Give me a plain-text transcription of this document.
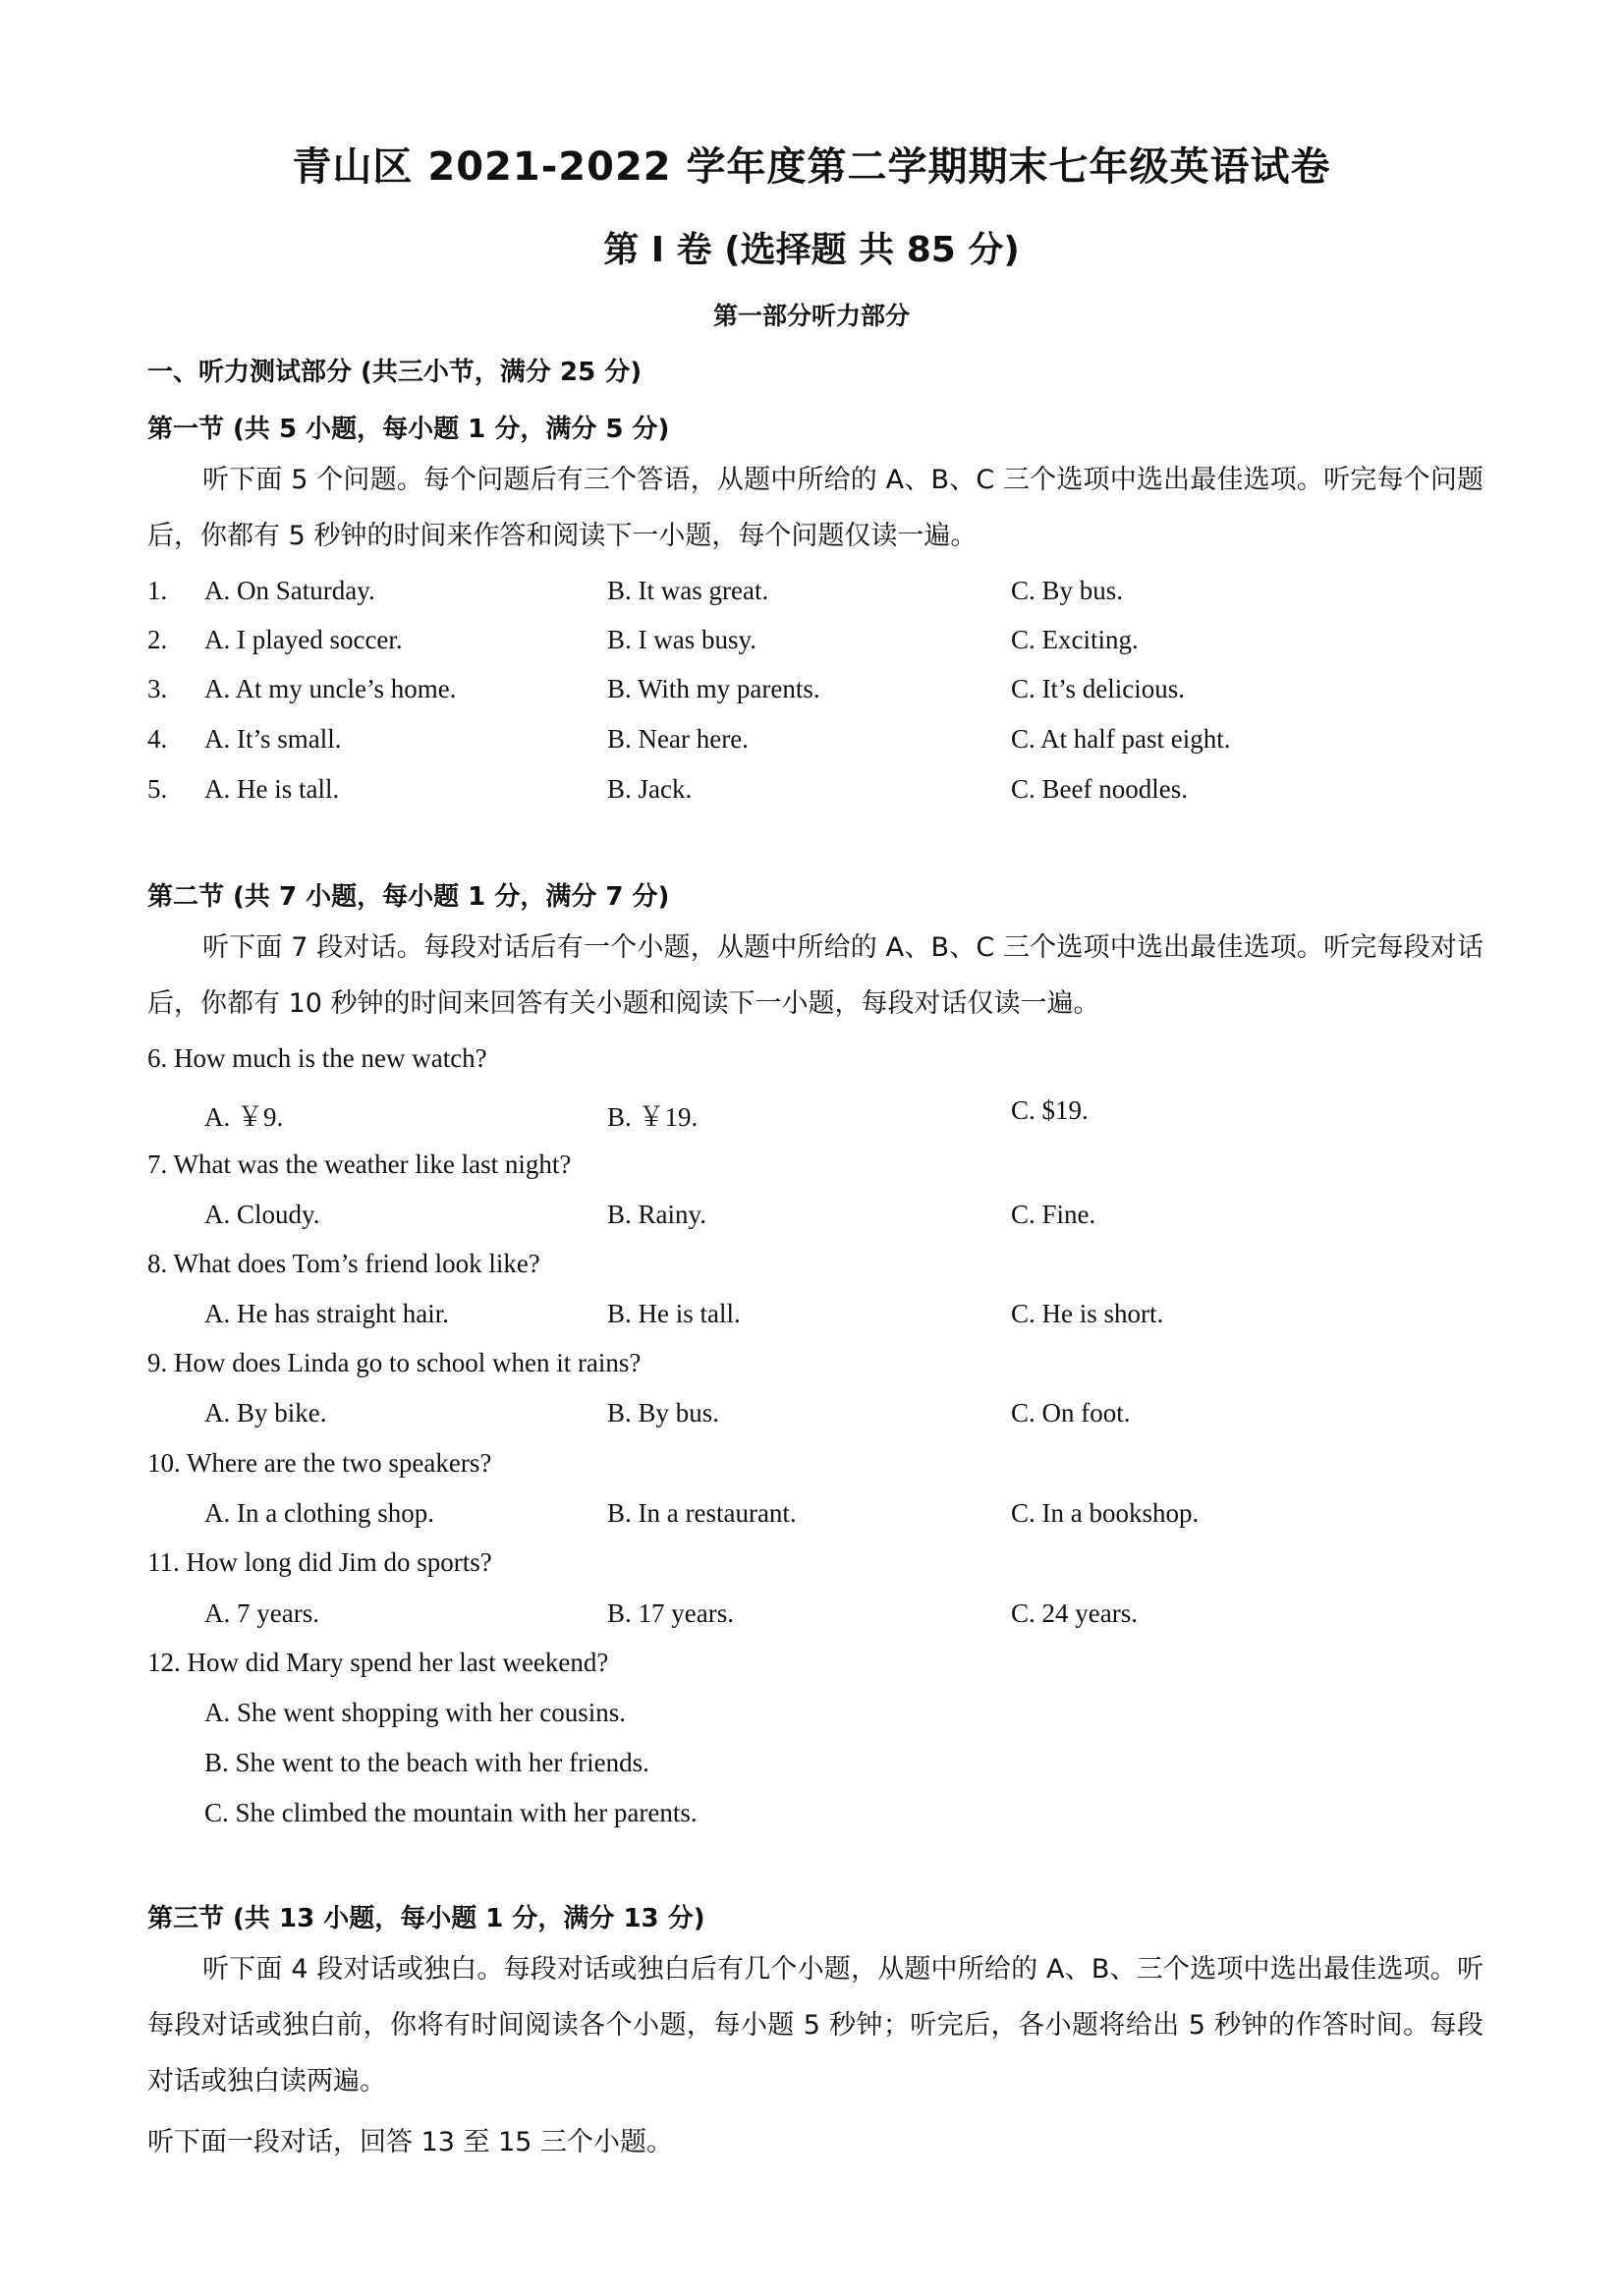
青山区 2021-2022 学年度第二学期期末七年级英语试卷
第 I 卷 (选择题 共 85 分)
第一部分听力部分
一、听力测试部分 (共三小节，满分 25 分)
第一节 (共 5 小题，每小题 1 分，满分 5 分)
听下面 5 个问题。每个问题后有三个答语，从题中所给的 A、B、C 三个选项中选出最佳选项。听完每个问题后，你都有 5 秒钟的时间来作答和阅读下一小题，每个问题仅读一遍。
1. A. On Saturday.	B. It was great.	C. By bus.
2. A. I played soccer.	B. I was busy.	C. Exciting.
3. A. At my uncle’s home.	B. With my parents.	C. It’s delicious.
4. A. It’s small.	B. Near here.	C. At half past eight.
5. A. He is tall.	B. Jack.	C. Beef noodles.
第二节 (共 7 小题，每小题 1 分，满分 7 分)
听下面 7 段对话。每段对话后有一个小题，从题中所给的 A、B、C 三个选项中选出最佳选项。听完每段对话后，你都有 10 秒钟的时间来回答有关小题和阅读下一小题，每段对话仅读一遍。
6. How much is the new watch?
A. ￥9.	B. ￥19.	C. $19.
7. What was the weather like last night?
A. Cloudy.	B. Rainy.	C. Fine.
8. What does Tom’s friend look like?
A. He has straight hair.	B. He is tall.	C. He is short.
9. How does Linda go to school when it rains?
A. By bike.	B. By bus.	C. On foot.
10. Where are the two speakers?
A. In a clothing shop.	B. In a restaurant.	C. In a bookshop.
11. How long did Jim do sports?
A. 7 years.	B. 17 years.	C. 24 years.
12. How did Mary spend her last weekend?
A. She went shopping with her cousins.
B. She went to the beach with her friends.
C. She climbed the mountain with her parents.
第三节 (共 13 小题，每小题 1 分，满分 13 分)
听下面 4 段对话或独白。每段对话或独白后有几个小题，从题中所给的 A、B、三个选项中选出最佳选项。听每段对话或独白前，你将有时间阅读各个小题，每小题 5 秒钟；听完后，各小题将给出 5 秒钟的作答时间。每段对话或独白读两遍。
听下面一段对话，回答 13 至 15 三个小题。
